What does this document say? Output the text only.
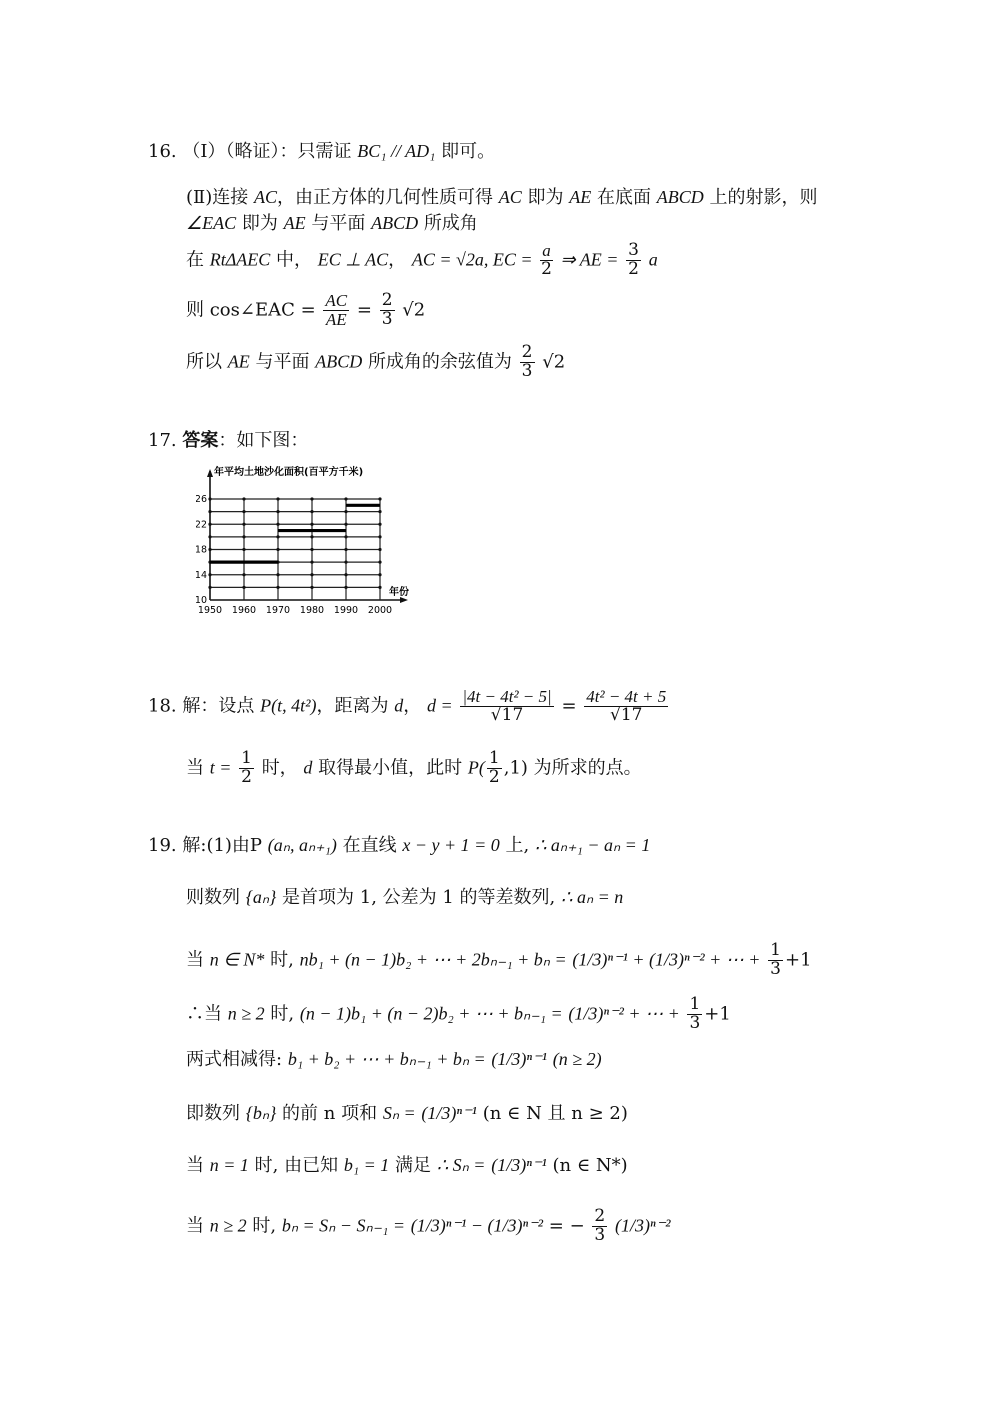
16. （Ⅰ）（略证）：只需证 BC₁ // AD₁ 即可。
(Ⅱ)连接 AC，由正方体的几何性质可得 AC 即为 AE 在底面 ABCD 上的射影，则
∠EAC 即为 AE 与平面 ABCD 所成角
在 RtΔAEC 中， EC ⊥ AC， AC = √2a, EC = $\frac{a}{2}$ ⇒ AE = $\frac{3}{2}$ a
则 cos∠EAC = $\frac{AC}{AE} = \frac{2}{3} √2$
所以 AE 与平面 ABCD 所成角的余弦值为 $\frac{2}{3} √2$
17. 答案：如下图：
10
14
18
22
26
1950 1960 1970 1980 1990 2000
年平均土地沙化面积(百平方千米)
年份
18. 解：设点 P(t, 4t²)，距离为 d， $d = \frac{\text{|4t − 4t² − 5|}}{√17} = \frac{\text{4t² − 4t + 5}}{√17}$
当 $t = \frac{1}{2}$ 时， d 取得最小值，此时 $P( \frac{1}{2} ,1)$ 为所求的点。
19. 解:(1)由P (aₙ, aₙ₊₁) 在直线 x − y + 1 = 0 上, ∴ aₙ₊₁ − aₙ = 1
则数列 {aₙ} 是首项为 1, 公差为 1 的等差数列, ∴ aₙ = n
当 n ∈ N* 时, nb₁ + (n − 1)b₂ + ⋯ + 2bₙ₋₁ + bₙ = (1/3)ⁿ⁻¹ + (1/3)ⁿ⁻² + ⋯ + $\frac{1}{3} +1$
∴当 n ≥ 2 时, (n − 1)b₁ + (n − 2)b₂ + ⋯ + bₙ₋₁ = (1/3)ⁿ⁻² + ⋯ + $\frac{1}{3} +1$
两式相减得: b₁ + b₂ + ⋯ + bₙ₋₁ + bₙ = (1/3)ⁿ⁻¹ (n ≥ 2)
即数列 {bₙ} 的前 n 项和 Sₙ = (1/3)ⁿ⁻¹ (n ∈ N 且 n ≥ 2)
当 n = 1 时, 由已知 b₁ = 1 满足 ∴ Sₙ = (1/3)ⁿ⁻¹ (n ∈ N*)
当 n ≥ 2 时, bₙ = Sₙ − Sₙ₋₁ = (1/3)ⁿ⁻¹ − (1/3)ⁿ⁻² = − $\frac{2}{3} (1/3)^{n-2}$
